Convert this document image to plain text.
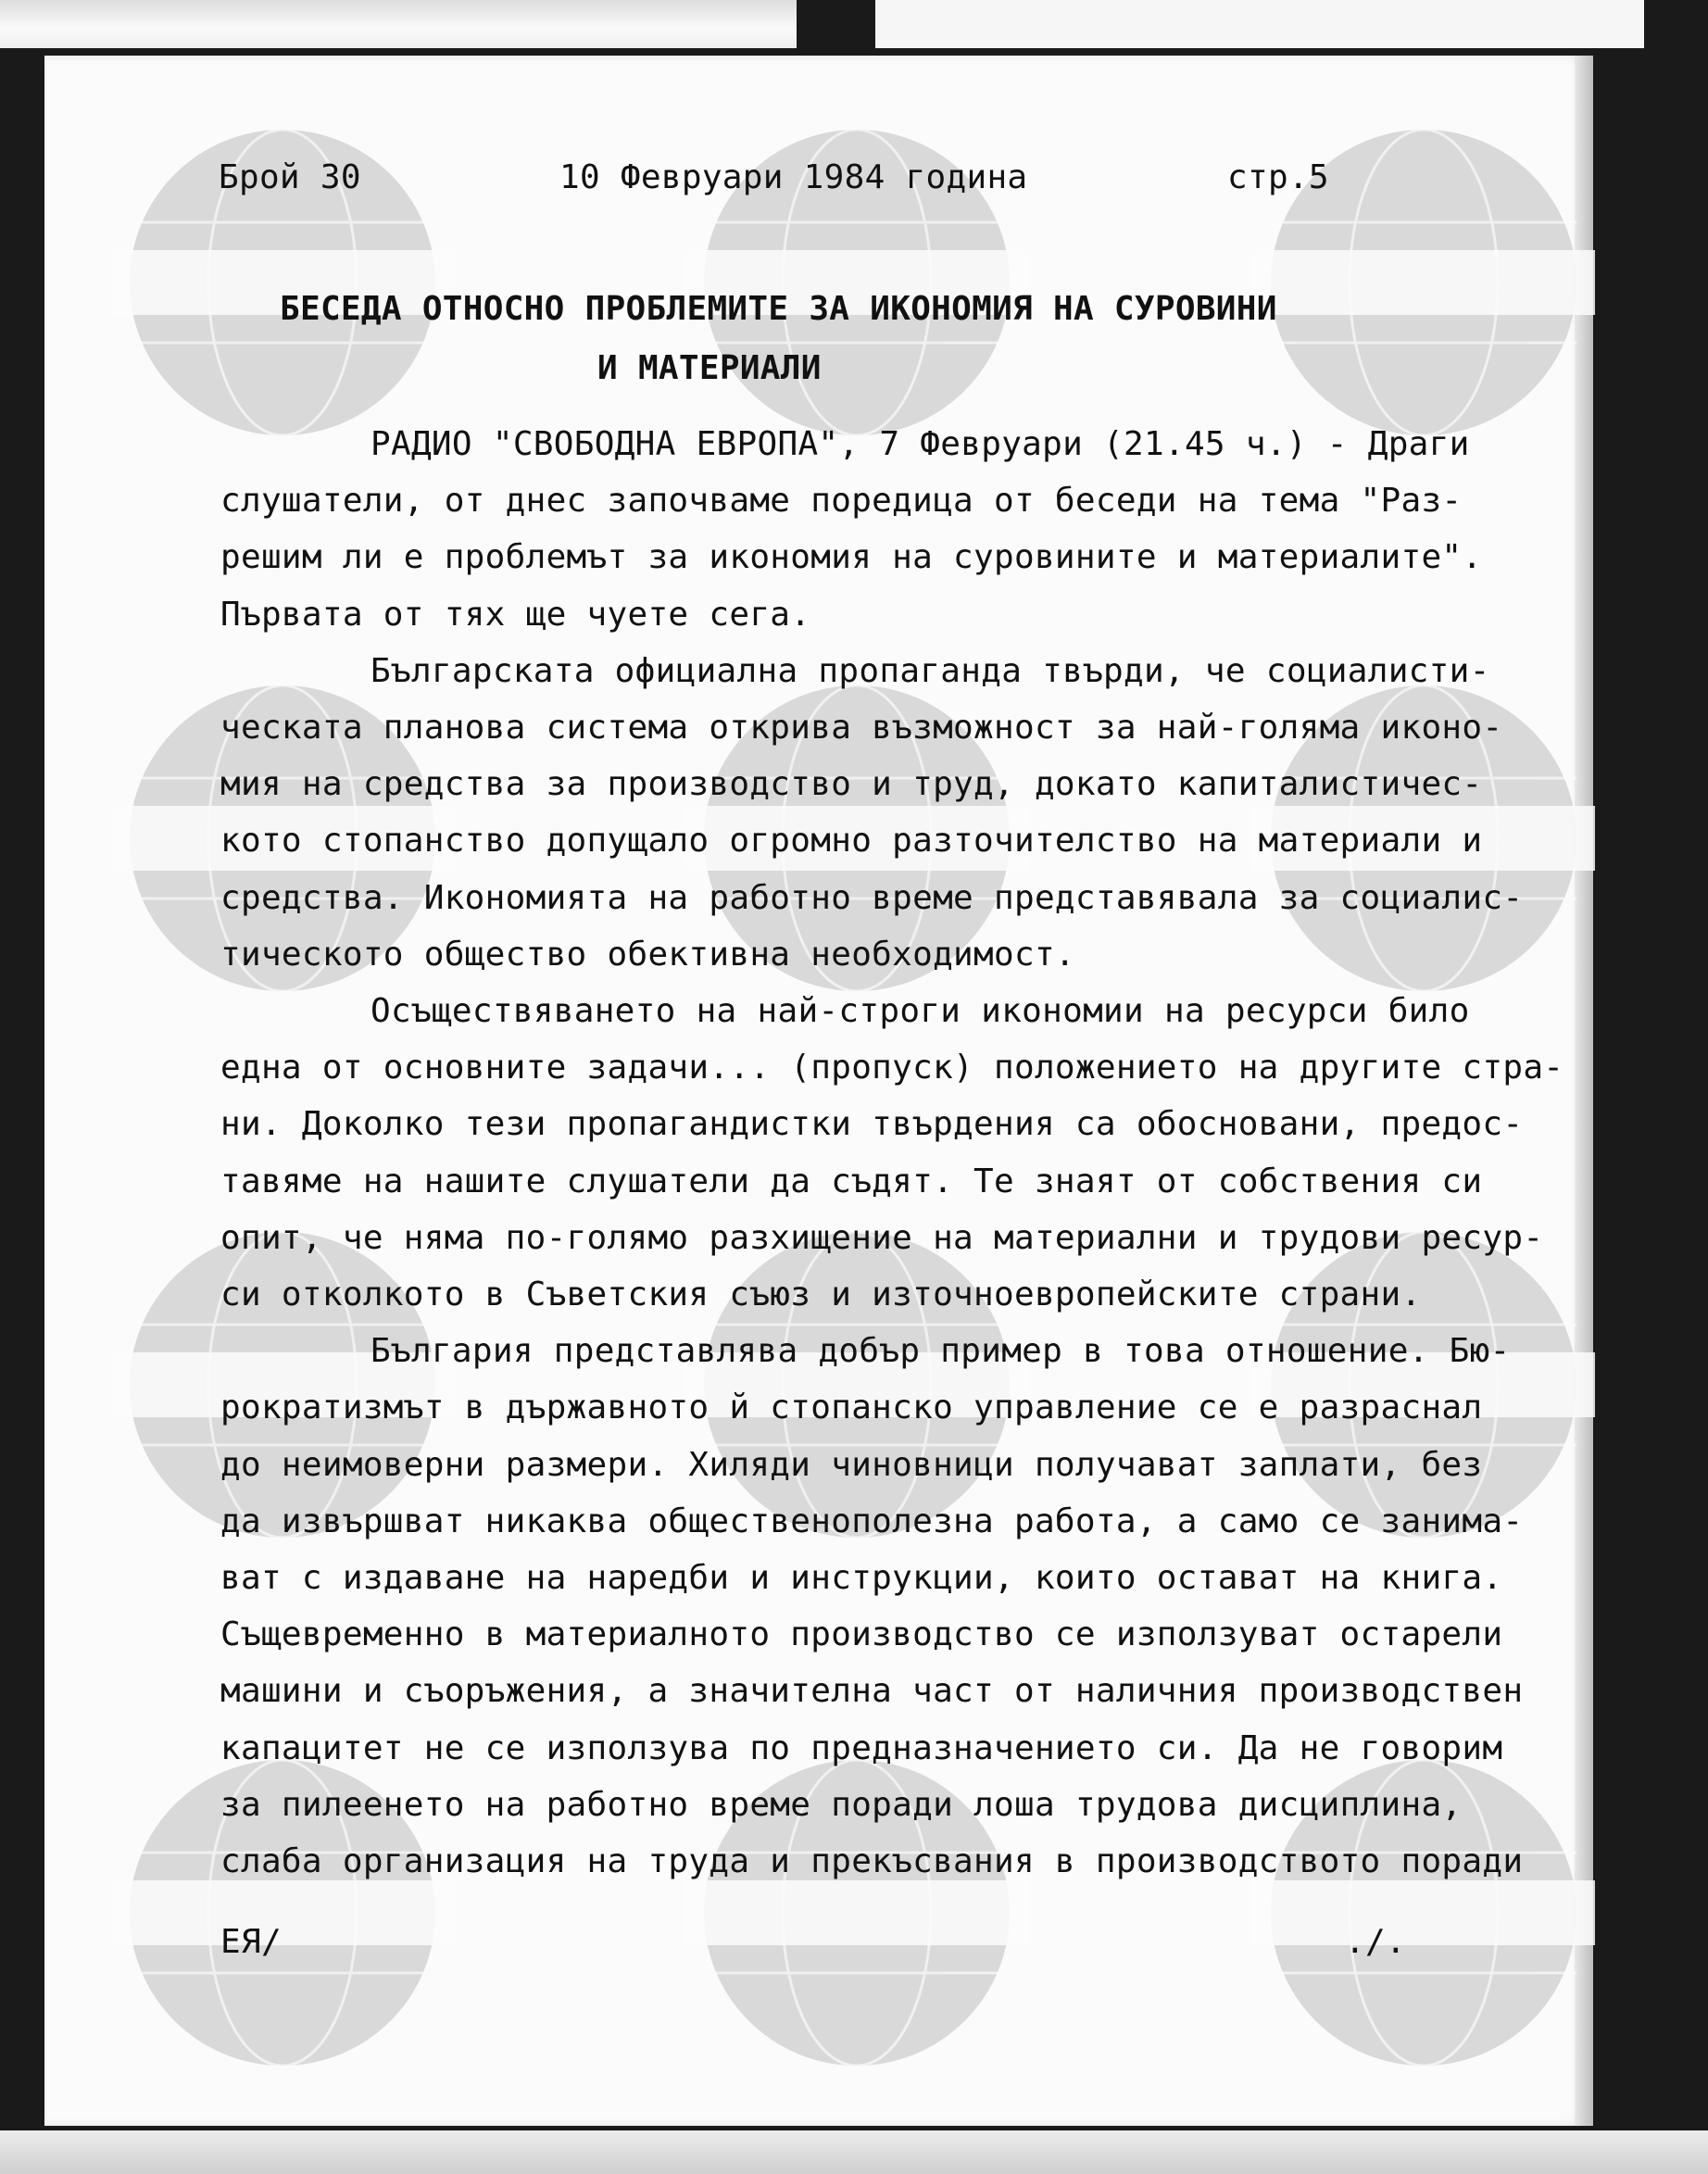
Брой 30	10 Февруари 1984 година	стр.5
БЕСЕДА ОТНОСНО ПРОБЛЕМИТЕ ЗА ИКОНОМИЯ НА СУРОВИНИ
И МАТЕРИАЛИ
РАДИО "СВОБОДНА ЕВРОПА", 7 Февруари (21.45 ч.) - Драги
слушатели, от днес започваме поредица от беседи на тема "Раз-
решим ли е проблемът за икономия на суровините и материалите".
Първата от тях ще чуете сега.
Българската официална пропаганда твърди, че социалисти-
ческата планова система открива възможност за най-голяма иконо-
мия на средства за производство и труд, докато капиталистичес-
кото стопанство допущало огромно разточителство на материали и
средства. Икономията на работно време представявала за социалис-
тическото общество обективна необходимост.
Осъществяването на най-строги икономии на ресурси било
една от основните задачи... (пропуск) положението на другите стра-
ни. Доколко тези пропагандистки твърдения са обосновани, предос-
тавяме на нашите слушатели да съдят. Те знаят от собствения си
опит, че няма по-голямо разхищение на материални и трудови ресур-
си отколкото в Съветския съюз и източноевропейските страни.
България представлява добър пример в това отношение. Бю-
рократизмът в държавното й стопанско управление се е разраснал
до неимоверни размери. Хиляди чиновници получават заплати, без
да извършват никаква общественополезна работа, а само се занима-
ват с издаване на наредби и инструкции, които остават на книга.
Същевременно в материалното производство се използуват остарели
машини и съоръжения, а значителна част от наличния производствен
капацитет не се използува по предназначението си. Да не говорим
за пилеенето на работно време поради лоша трудова дисциплина,
слаба организация на труда и прекъсвания в производството поради
ЕЯ/	./.
